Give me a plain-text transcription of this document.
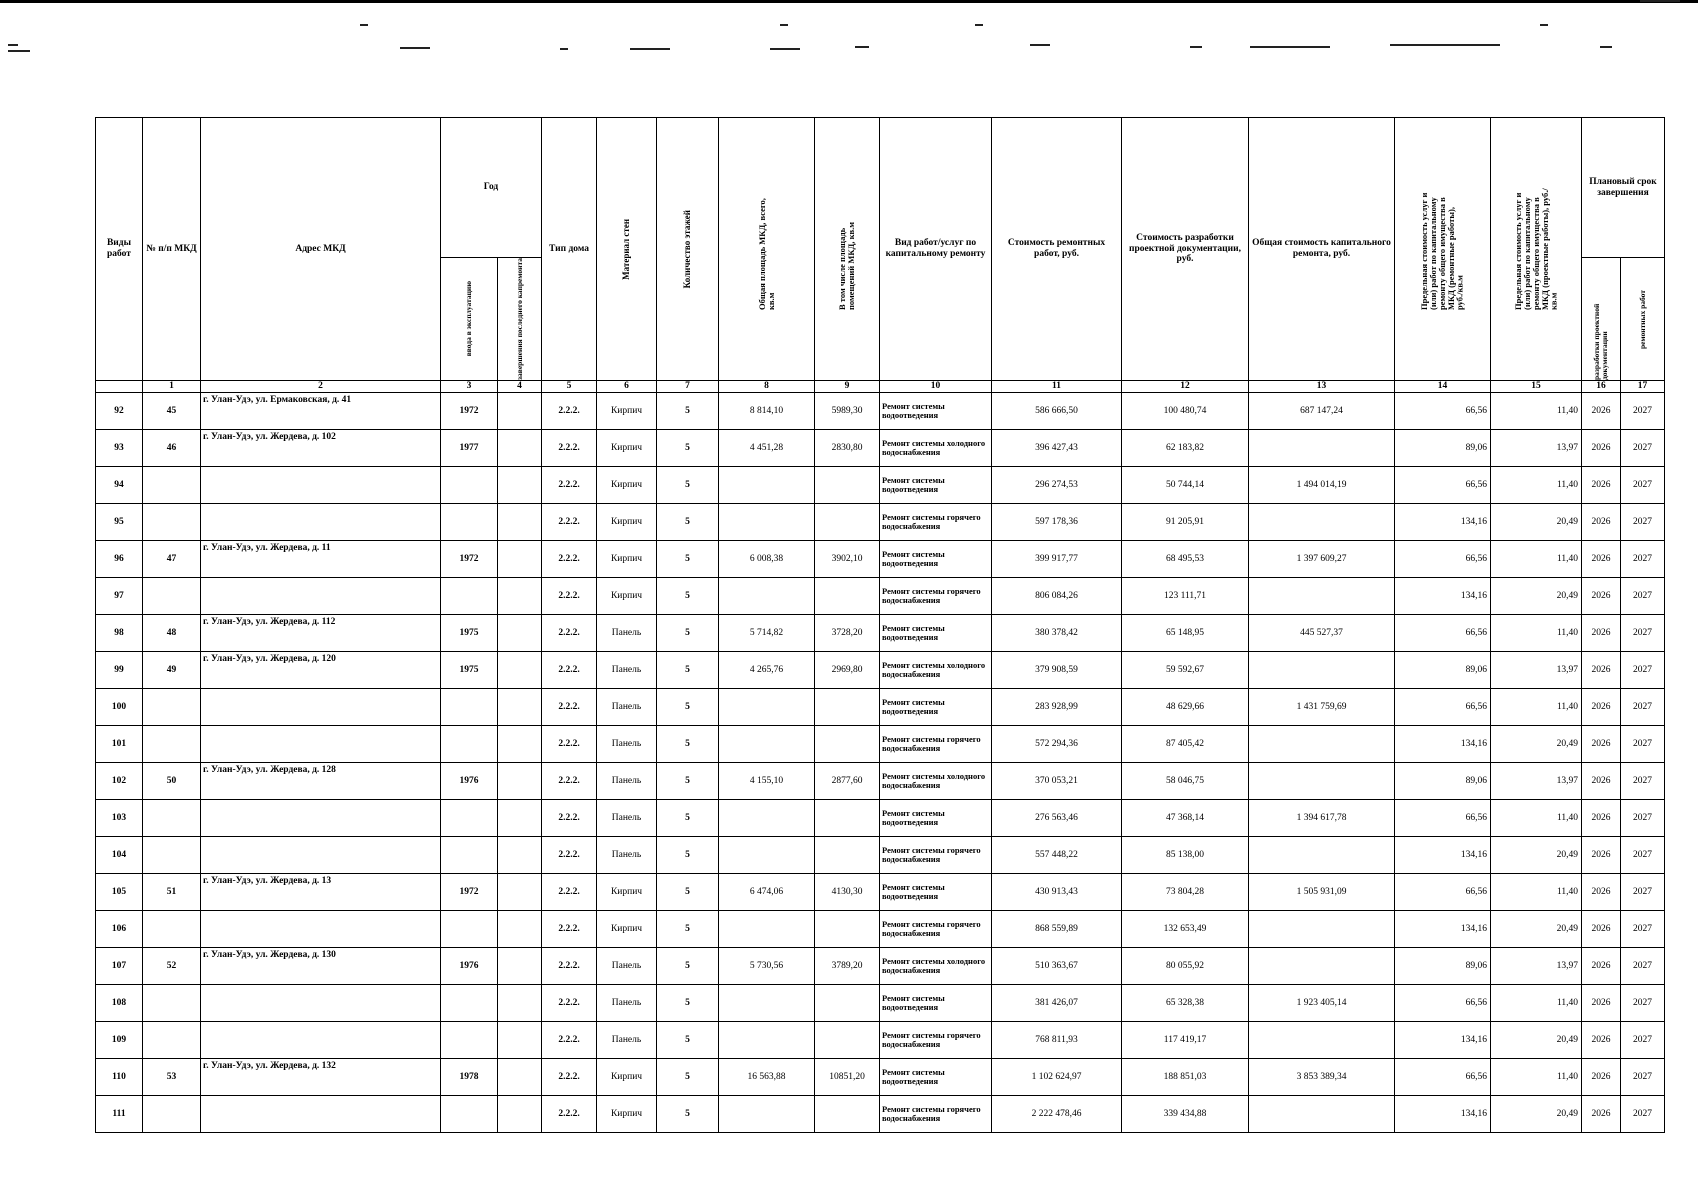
Виды работ	№ п/п МКД	Адрес МКД	Год		Тип дома	Материал стен	Количество этажей	Общая площадь МКД, всего, кв.м	В том числе площадь помещений МКД, кв.м	Вид работ/услуг по капитальному ремонту	Стоимость ремонтных работ, руб.	Стоимость разработки проектной документации, руб.	Общая стоимость капитального ремонта, руб.	Предельная стоимость услуг и (или) работ по капитальному ремонту общего имущества в МКД (ремонтные работы), руб./кв.м	Предельная стоимость услуг и (или) работ по капитальному ремонту общего имущества в МКД (проектные работы), руб./кв.м	Плановый срок завершения	

			ввода в эксплуатацию	завершения последнего капремонта												разработки проектной документации	ремонтных работ

	1	2	3	4	5	6	7	8	9	10	11	12	13	14	15	16	17
92	45	г. Улан-Удэ, ул. Ермаковская, д. 41	1972		2.2.2.	Кирпич	5	8 814,10	5989,30	Ремонт системы водоотведения	586 666,50	100 480,74	687 147,24	66,56	11,40	2026	2027
93	46	г. Улан-Удэ, ул. Жердева, д. 102	1977		2.2.2.	Кирпич	5	4 451,28	2830,80	Ремонт системы холодного водоснабжения	396 427,43	62 183,82		89,06	13,97	2026	2027
94					2.2.2.	Кирпич	5			Ремонт системы водоотведения	296 274,53	50 744,14	1 494 014,19	66,56	11,40	2026	2027
95					2.2.2.	Кирпич	5			Ремонт системы горячего водоснабжения	597 178,36	91 205,91		134,16	20,49	2026	2027
96	47	г. Улан-Удэ, ул. Жердева, д. 11	1972		2.2.2.	Кирпич	5	6 008,38	3902,10	Ремонт системы водоотведения	399 917,77	68 495,53	1 397 609,27	66,56	11,40	2026	2027
97					2.2.2.	Кирпич	5			Ремонт системы горячего водоснабжения	806 084,26	123 111,71		134,16	20,49	2026	2027
98	48	г. Улан-Удэ, ул. Жердева, д. 112	1975		2.2.2.	Панель	5	5 714,82	3728,20	Ремонт системы водоотведения	380 378,42	65 148,95	445 527,37	66,56	11,40	2026	2027
99	49	г. Улан-Удэ, ул. Жердева, д. 120	1975		2.2.2.	Панель	5	4 265,76	2969,80	Ремонт системы холодного водоснабжения	379 908,59	59 592,67		89,06	13,97	2026	2027
100					2.2.2.	Панель	5			Ремонт системы водоотведения	283 928,99	48 629,66	1 431 759,69	66,56	11,40	2026	2027
101					2.2.2.	Панель	5			Ремонт системы горячего водоснабжения	572 294,36	87 405,42		134,16	20,49	2026	2027
102	50	г. Улан-Удэ, ул. Жердева, д. 128	1976		2.2.2.	Панель	5	4 155,10	2877,60	Ремонт системы холодного водоснабжения	370 053,21	58 046,75		89,06	13,97	2026	2027
103					2.2.2.	Панель	5			Ремонт системы водоотведения	276 563,46	47 368,14	1 394 617,78	66,56	11,40	2026	2027
104					2.2.2.	Панель	5			Ремонт системы горячего водоснабжения	557 448,22	85 138,00		134,16	20,49	2026	2027
105	51	г. Улан-Удэ, ул. Жердева, д. 13	1972		2.2.2.	Кирпич	5	6 474,06	4130,30	Ремонт системы водоотведения	430 913,43	73 804,28	1 505 931,09	66,56	11,40	2026	2027
106					2.2.2.	Кирпич	5			Ремонт системы горячего водоснабжения	868 559,89	132 653,49		134,16	20,49	2026	2027
107	52	г. Улан-Удэ, ул. Жердева, д. 130	1976		2.2.2.	Панель	5	5 730,56	3789,20	Ремонт системы холодного водоснабжения	510 363,67	80 055,92		89,06	13,97	2026	2027
108					2.2.2.	Панель	5			Ремонт системы водоотведения	381 426,07	65 328,38	1 923 405,14	66,56	11,40	2026	2027
109					2.2.2.	Панель	5			Ремонт системы горячего водоснабжения	768 811,93	117 419,17		134,16	20,49	2026	2027
110	53	г. Улан-Удэ, ул. Жердева, д. 132	1978		2.2.2.	Кирпич	5	16 563,88	10851,20	Ремонт системы водоотведения	1 102 624,97	188 851,03	3 853 389,34	66,56	11,40	2026	2027
111					2.2.2.	Кирпич	5			Ремонт системы горячего водоснабжения	2 222 478,46	339 434,88		134,16	20,49	2026	2027
